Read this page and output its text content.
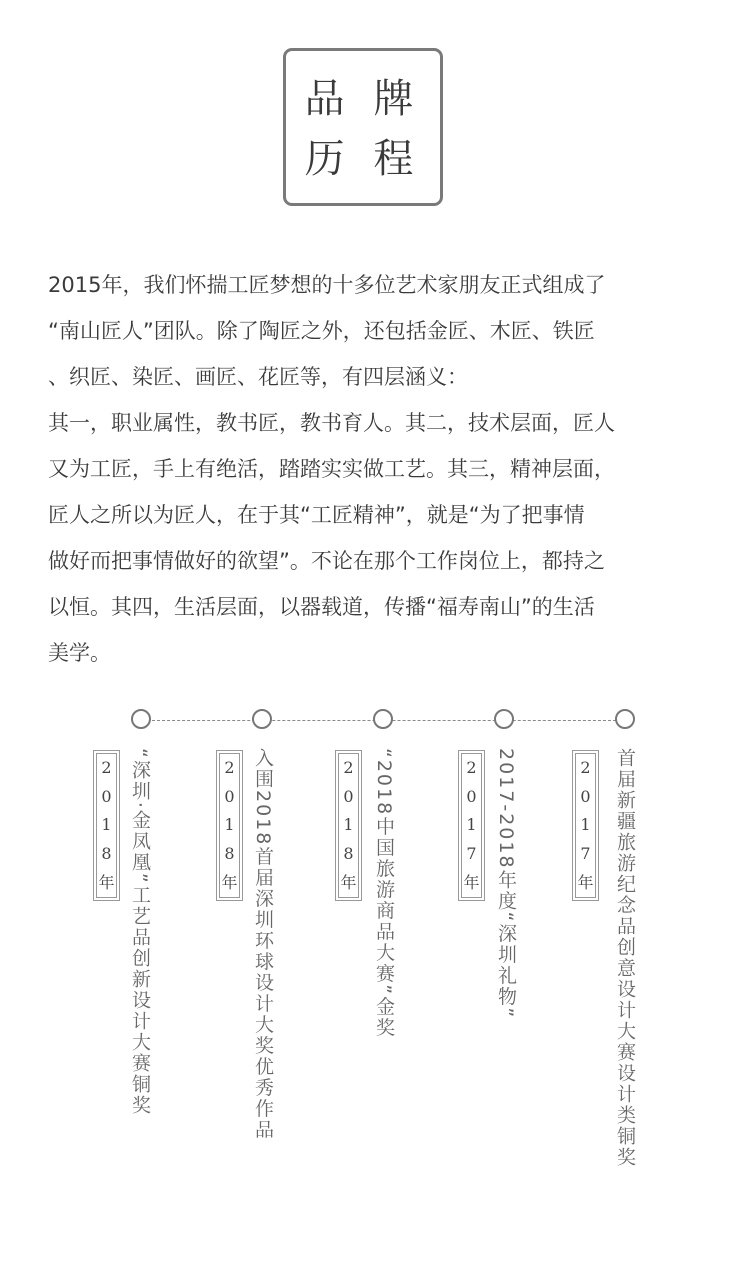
品 牌
历 程

2015年，我们怀揣工匠梦想的十多位艺术家朋友正式组成了

“南山匠人”团队。除了陶匠之外，还包括金匠、木匠、铁匠

、织匠、染匠、画匠、花匠等，有四层涵义：

其一，职业属性，教书匠，教书育人。其二，技术层面，匠人

又为工匠，手上有绝活，踏踏实实做工艺。其三，精神层面，

匠人之所以为匠人，在于其“工匠精神”，就是“为了把事情

做好而把事情做好的欲望”。不论在那个工作岗位上，都持之

以恒。其四，生活层面，以器载道，传播“福寿南山”的生活

美学。

2
0
1
8
年 “深圳·金凤凰”工艺品创新设计大赛铜奖	2
0
1
8
年 入围2018首届深圳环球设计大奖优秀作品	2
0
1
8
年 “2018中国旅游商品大赛”金奖	2
0
1
7
年 2017-2018年度“深圳礼物”	2
0
1
7
年 首届新疆旅游纪念品创意设计大赛设计类铜奖
